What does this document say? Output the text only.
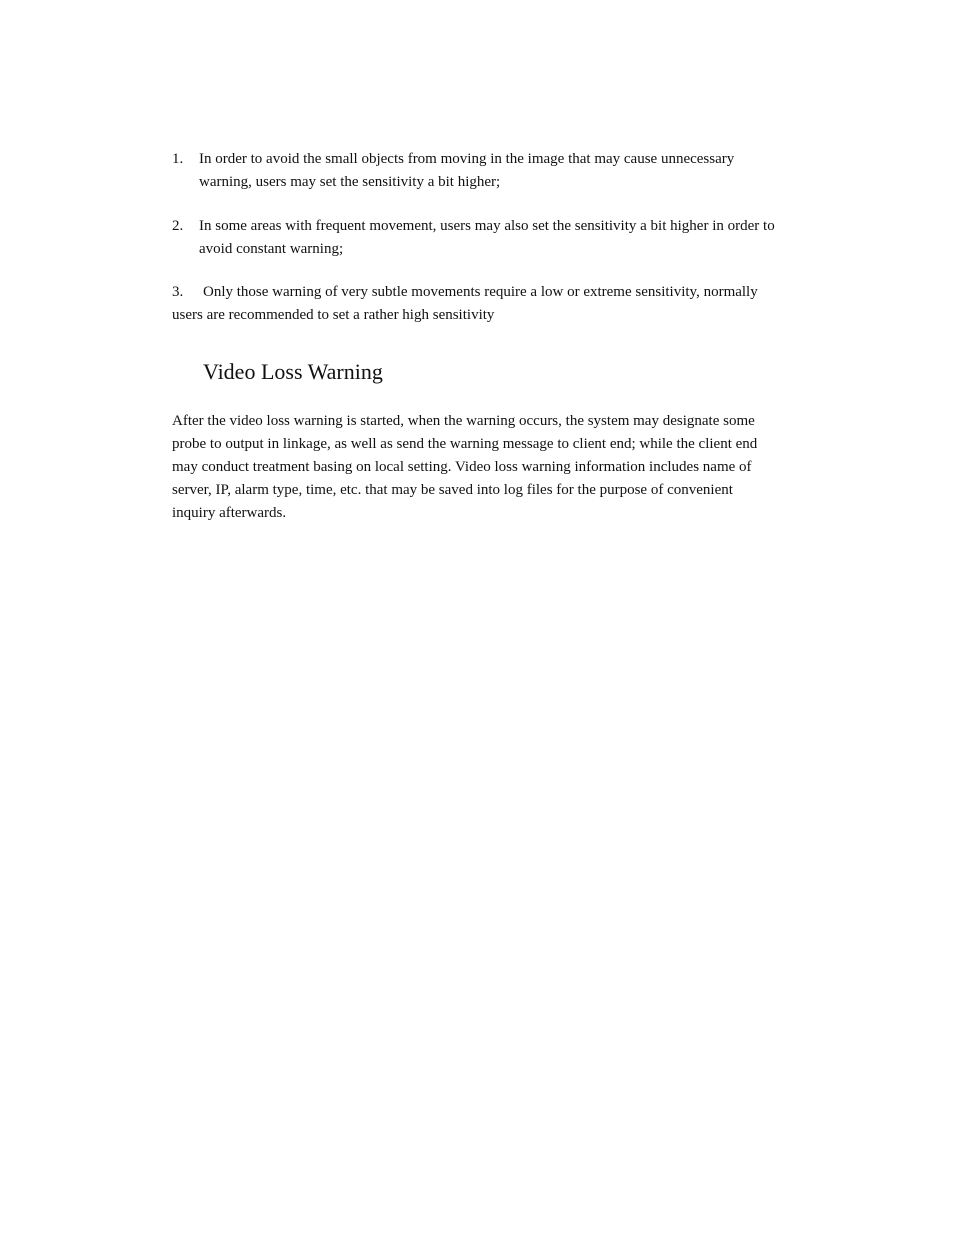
1. In order to avoid the small objects from moving in the image that may cause unnecessary warning, users may set the sensitivity a bit higher;

2. In some areas with frequent movement, users may also set the sensitivity a bit higher in order to avoid constant warning;

3. Only those warning of very subtle movements require a low or extreme sensitivity, normally users are recommended to set a rather high sensitivity

Video Loss Warning

After the video loss warning is started, when the warning occurs, the system may designate some probe to output in linkage, as well as send the warning message to client end; while the client end may conduct treatment basing on local setting. Video loss warning information includes name of server, IP, alarm type, time, etc. that may be saved into log files for the purpose of convenient inquiry afterwards.
